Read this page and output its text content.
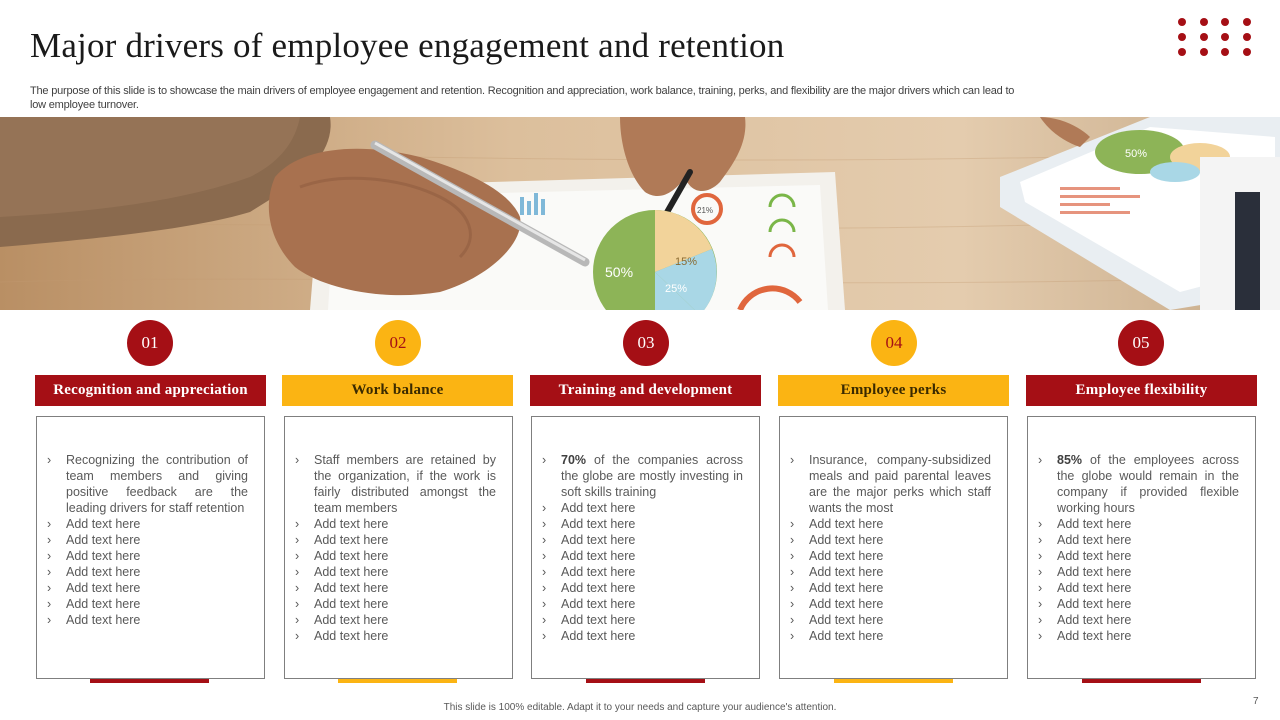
Major drivers of employee engagement and retention

The purpose of this slide is to showcase the main drivers of employee engagement and retention. Recognition and appreciation, work balance, training, perks, and flexibility are the major drivers which can lead to low employee turnover.

50%
15%
25%
21%
50%
01
Recognition and appreciation
› Recognizing the contribution of team members and giving positive feedback are the leading drivers for staff retention
› Add text here
› Add text here
› Add text here
› Add text here
› Add text here
› Add text here
› Add text here
02
Work balance
› Staff members are retained by the organization, if the work is fairly distributed amongst the team members
› Add text here
› Add text here
› Add text here
› Add text here
› Add text here
› Add text here
› Add text here
› Add text here
03
Training and development
› 70% of the companies across the globe are mostly investing in soft skills training
› Add text here
› Add text here
› Add text here
› Add text here
› Add text here
› Add text here
› Add text here
› Add text here
› Add text here
04
Employee perks
› Insurance, company-subsidized meals and paid parental leaves are the major perks which staff wants the most
› Add text here
› Add text here
› Add text here
› Add text here
› Add text here
› Add text here
› Add text here
› Add text here
05
Employee flexibility
› 85% of the employees across the globe would remain in the company if provided flexible working hours
› Add text here
› Add text here
› Add text here
› Add text here
› Add text here
› Add text here
› Add text here
› Add text here
This slide is 100% editable. Adapt it to your needs and capture your audience's attention.
7
